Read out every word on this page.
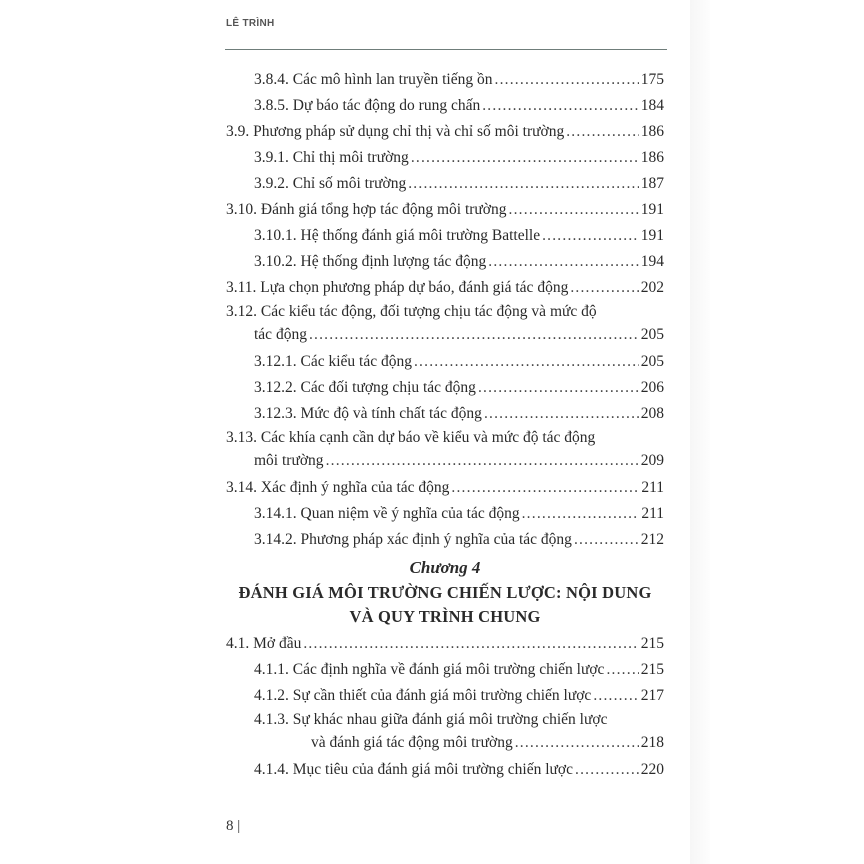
LÊ TRÌNH
3.8.4. Các mô hình lan truyền tiếng ồn .....	175
3.8.5. Dự báo tác động do rung chấn .....	184
3.9. Phương pháp sử dụng chỉ thị và chỉ số môi trường .....	186
3.9.1. Chỉ thị môi trường .....	186
3.9.2. Chỉ số môi trường .....	187
3.10. Đánh giá tổng hợp tác động môi trường .....	191
3.10.1. Hệ thống đánh giá môi trường Battelle .....	191
3.10.2. Hệ thống định lượng tác động .....	194
3.11. Lựa chọn phương pháp dự báo, đánh giá tác động .....	202
3.12. Các kiểu tác động, đối tượng chịu tác động và mức độ
tác động .....	205
3.12.1. Các kiểu tác động .....	205
3.12.2. Các đối tượng chịu tác động .....	206
3.12.3. Mức độ và tính chất tác động .....	208
3.13. Các khía cạnh cần dự báo về kiểu và mức độ tác động
môi trường .....	209
3.14. Xác định ý nghĩa của tác động .....	211
3.14.1. Quan niệm về ý nghĩa của tác động .....	211
3.14.2. Phương pháp xác định ý nghĩa của tác động .....	212
Chương 4
ĐÁNH GIÁ MÔI TRƯỜNG CHIẾN LƯỢC: NỘI DUNG
VÀ QUY TRÌNH CHUNG
4.1. Mở đầu .....	215
4.1.1. Các định nghĩa về đánh giá môi trường chiến lược ..... 215
4.1.2. Sự cần thiết của đánh giá môi trường chiến lược .....	217
4.1.3. Sự khác nhau giữa đánh giá môi trường chiến lược
và đánh giá tác động môi trường .....	218
4.1.4. Mục tiêu của đánh giá môi trường chiến lược .....	220
8 |
